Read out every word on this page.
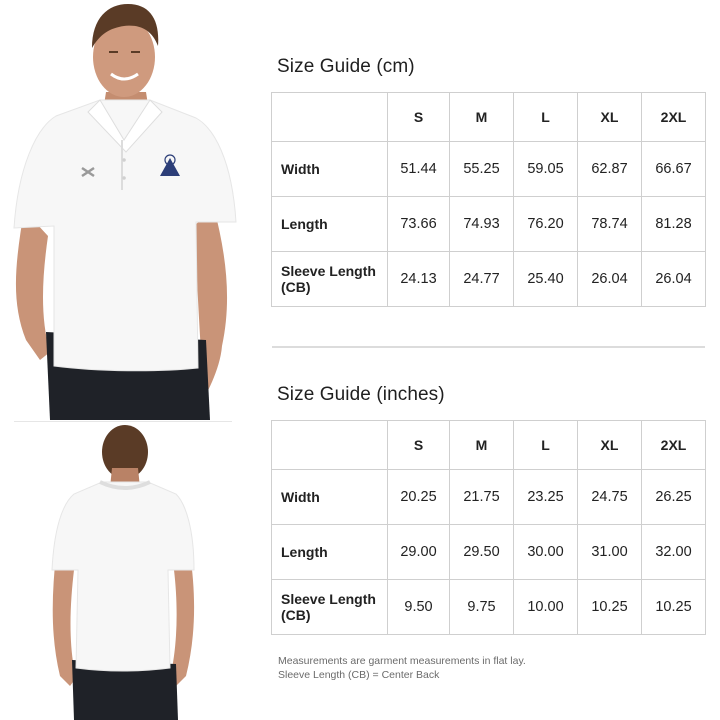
Size Guide (cm)
	S	M	L	XL	2XL
Width	51.44	55.25	59.05	62.87	66.67
Length	73.66	74.93	76.20	78.74	81.28
Sleeve Length (CB)	24.13	24.77	25.40	26.04	26.04
Size Guide (inches)
	S	M	L	XL	2XL
Width	20.25	21.75	23.25	24.75	26.25
Length	29.00	29.50	30.00	31.00	32.00
Sleeve Length (CB)	9.50	9.75	10.00	10.25	10.25
Measurements are garment measurements in flat lay.
Sleeve Length (CB) = Center Back
